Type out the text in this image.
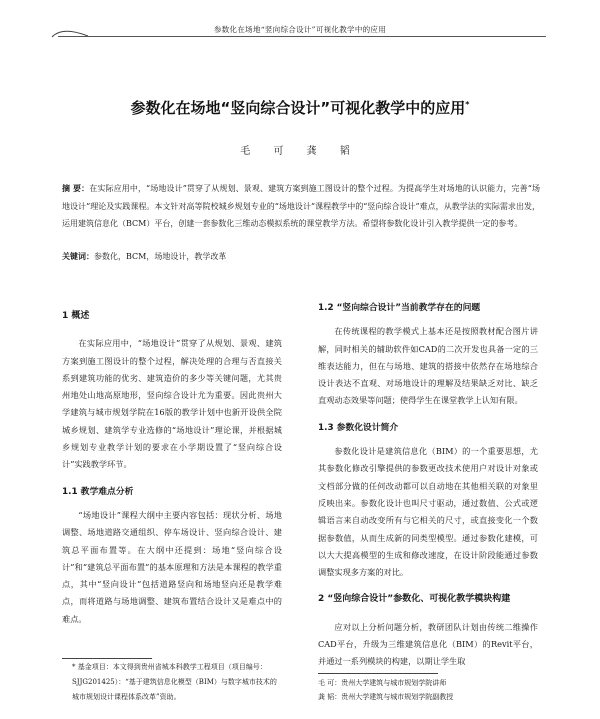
参数化在场地“竖向综合设计”可视化教学中的应用
参数化在场地“竖向综合设计”可视化教学中的应用*
毛 可 龚 韬
摘 要：在实际应用中，“场地设计”贯穿了从规划、景观、建筑方案到施工图设计的整个过程。为提高学生对场地的认识能力，完善“场地设计”理论及实践课程。本文针对高等院校城乡规划专业的“场地设计”课程教学中的“竖向综合设计”难点，从教学法的实际需求出发，运用建筑信息化（BCM）平台，创建一套参数化三维动态模拟系统的课堂教学方法。希望将参数化设计引入教学提供一定的参考。
关键词：参数化，BCM，场地设计，教学改革
1 概述

在实际应用中，“场地设计”贯穿了从规划、景观、建筑方案到施工图设计的整个过程，解决处理的合理与否直接关系到建筑功能的优劣、建筑造价的多少等关键问题，尤其贵州地处山地高原地形，竖向综合设计尤为重要。因此贵州大学建筑与城市规划学院在16版的教学计划中也新开设供全院城乡规划、建筑学专业选修的“场地设计”理论课，并根据城乡规划专业教学计划的要求在小学期设置了“竖向综合设计”实践教学环节。

1.1 教学难点分析

“场地设计”课程大纲中主要内容包括：现状分析、场地调整、场地道路交通组织、停车场设计、竖向综合设计、建筑总平面布置等。在大纲中还提到：场地“竖向综合设计”和“建筑总平面布置”的基本原理和方法是本课程的教学重点，其中“竖向设计”包括道路竖向和场地竖向还是教学难点，而将道路与场地调整、建筑布置结合设计又是难点中的难点。

1.2 “竖向综合设计”当前教学存在的问题

在传统课程的教学模式上基本还是按照教材配合图片讲解，同时相关的辅助软件如CAD的二次开发也具备一定的三维表达能力，但在与场地、建筑的搭接中依然存在场地综合设计表达不直观、对场地设计的理解及结果缺乏对比、缺乏直观动态效果等问题；使得学生在课堂教学上认知有限。

1.3 参数化设计简介

参数化设计是建筑信息化（BIM）的一个重要思想，尤其参数化修改引擎提供的参数更改技术使用户对设计对象或文档部分做的任何改动都可以自动地在其他相关联的对象里反映出来。参数化设计也叫尺寸驱动，通过数值、公式或逻辑语言来自动改变所有与它相关的尺寸，或直接变化一个数据参数值，从而生成新的同类型模型。通过参数化建模，可以大大提高模型的生成和修改速度，在设计阶段能通过参数调整实现多方案的对比。

2 “竖向综合设计”参数化、可视化教学模块构建

应对以上分析问题分析，教研团队计划由传统二维操作CAD平台，升级为三维建筑信息化（BIM）的Revit平台，并通过一系列模块的构建，以期让学生取

* 基金项目：本文得到贵州省城本科教学工程项目（项目编号：SJJG201425）：“基于建筑信息化模型（BIM）与数字城市技术的城市规划设计课程体系改革”资助。
毛 可：贵州大学建筑与城市规划学院讲师
龚 韬：贵州大学建筑与城市规划学院副教授
